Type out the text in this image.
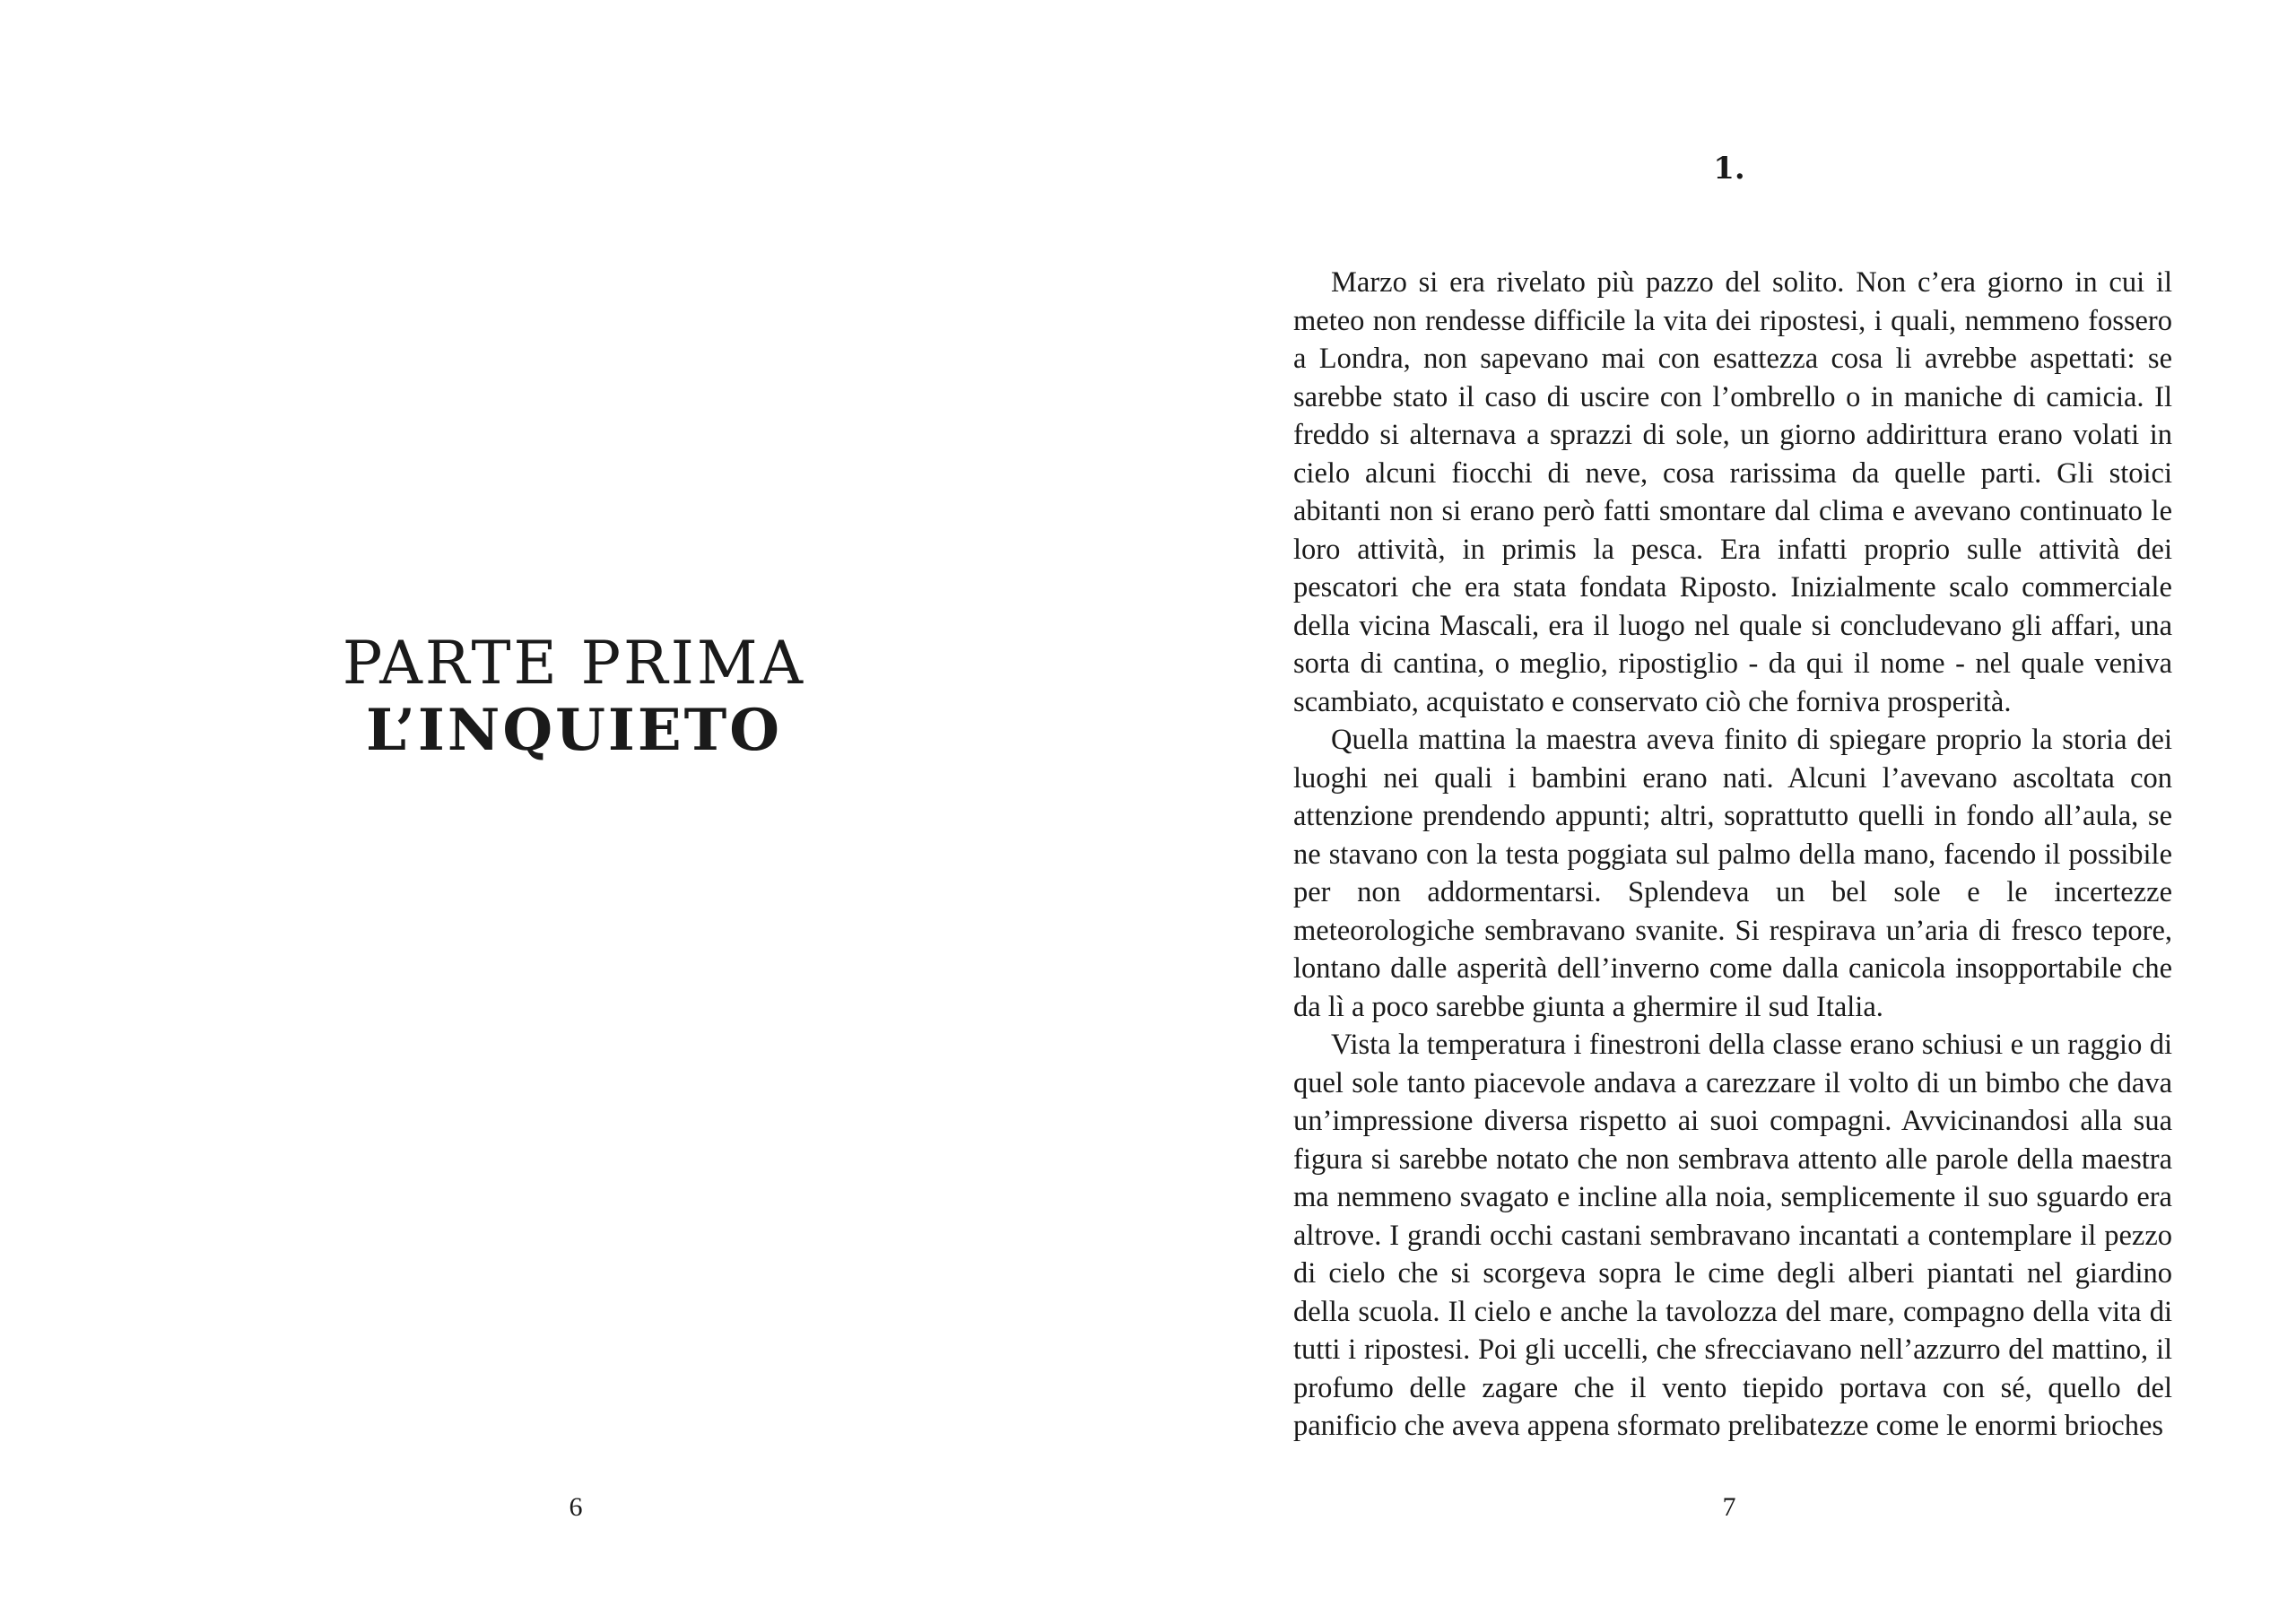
PARTE PRIMA
L’INQUIETO
6
1.

Marzo si era rivelato più pazzo del solito. Non c’era giorno in cui il meteo non rendesse difficile la vita dei ripostesi, i quali, nemmeno fossero a Londra, non sapevano mai con esattezza cosa li avrebbe aspettati: se sarebbe stato il caso di uscire con l’ombrello o in maniche di camicia. Il freddo si alternava a sprazzi di sole, un giorno addirittura erano volati in cielo alcuni fiocchi di neve, cosa rarissima da quelle parti. Gli stoici abitanti non si erano però fatti smontare dal clima e avevano continuato le loro attività, in primis la pesca. Era infatti proprio sulle attività dei pescatori che era stata fondata Riposto. Inizialmente scalo commerciale della vicina Mascali, era il luogo nel quale si concludevano gli affari, una sorta di cantina, o meglio, ripostiglio - da qui il nome - nel quale veniva scambiato, acquistato e conservato ciò che forniva prosperità.

Quella mattina la maestra aveva finito di spiegare proprio la storia dei luoghi nei quali i bambini erano nati. Alcuni l’avevano ascoltata con attenzione prendendo appunti; altri, soprattutto quelli in fondo all’aula, se ne stavano con la testa poggiata sul palmo della mano, facendo il possibile per non addormentarsi. Splendeva un bel sole e le incertezze meteorologiche sembravano svanite. Si respirava un’aria di fresco tepore, lontano dalle asperità dell’inverno come dalla canicola insopportabile che da lì a poco sarebbe giunta a ghermire il sud Italia.

Vista la temperatura i finestroni della classe erano schiusi e un raggio di quel sole tanto piacevole andava a carezzare il volto di un bimbo che dava un’impressione diversa rispetto ai suoi compagni. Avvicinandosi alla sua figura si sarebbe notato che non sembrava attento alle parole della maestra ma nemmeno svagato e incline alla noia, semplicemente il suo sguardo era altrove. I grandi occhi castani sembravano incantati a contemplare il pezzo di cielo che si scorgeva sopra le cime degli alberi piantati nel giardino della scuola. Il cielo e anche la tavolozza del mare, compagno della vita di tutti i ripostesi. Poi gli uccelli, che sfrecciavano nell’azzurro del mattino, il profumo delle zagare che il vento tiepido portava con sé, quello del panificio che aveva appena sformato prelibatezze come le enormi brioches

7
